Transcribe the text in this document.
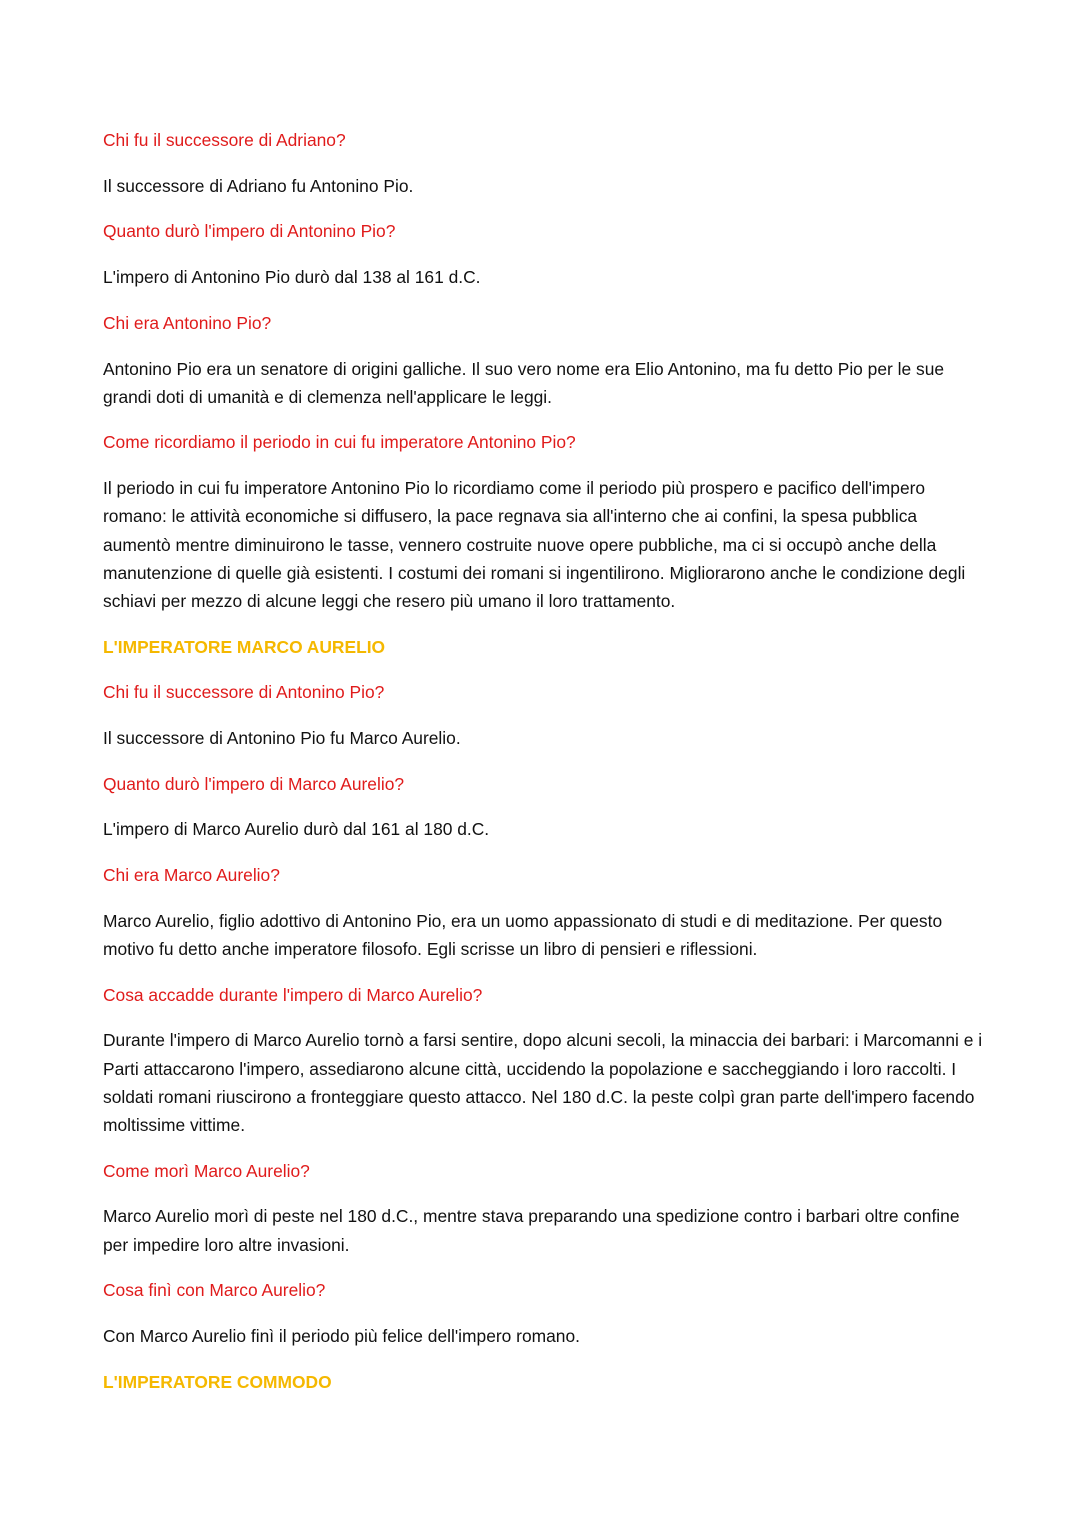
Chi fu il successore di Adriano?

Il successore di Adriano fu Antonino Pio.

Quanto durò l'impero di Antonino Pio?

L'impero di Antonino Pio durò dal 138 al 161 d.C.

Chi era Antonino Pio?

Antonino Pio era un senatore di origini galliche. Il suo vero nome era Elio Antonino, ma fu detto Pio per le sue grandi doti di umanità e di clemenza nell'applicare le leggi.

Come ricordiamo il periodo in cui fu imperatore Antonino Pio?

Il periodo in cui fu imperatore Antonino Pio lo ricordiamo come il periodo più prospero e pacifico dell'impero romano: le attività economiche si diffusero, la pace regnava sia all'interno che ai confini, la spesa pubblica aumentò mentre diminuirono le tasse, vennero costruite nuove opere pubbliche, ma ci si occupò anche della manutenzione di quelle già esistenti. I costumi dei romani si ingentilirono. Migliorarono anche le condizione degli schiavi per mezzo di alcune leggi che resero più umano il loro trattamento.

L'IMPERATORE MARCO AURELIO

Chi fu il successore di Antonino Pio?

Il successore di Antonino Pio fu Marco Aurelio.

Quanto durò l'impero di Marco Aurelio?

L'impero di Marco Aurelio durò dal 161 al 180 d.C.

Chi era Marco Aurelio?

Marco Aurelio, figlio adottivo di Antonino Pio, era un uomo appassionato di studi e di meditazione. Per questo motivo fu detto anche imperatore filosofo. Egli scrisse un libro di pensieri e riflessioni.

Cosa accadde durante l'impero di Marco Aurelio?

Durante l'impero di Marco Aurelio tornò a farsi sentire, dopo alcuni secoli, la minaccia dei barbari: i Marcomanni e i Parti attaccarono l'impero, assediarono alcune città, uccidendo la popolazione e saccheggiando i loro raccolti. I soldati romani riuscirono a fronteggiare questo attacco. Nel 180 d.C. la peste colpì gran parte dell'impero facendo moltissime vittime.

Come morì Marco Aurelio?

Marco Aurelio morì di peste nel 180 d.C., mentre stava preparando una spedizione contro i barbari oltre confine per impedire loro altre invasioni.

Cosa finì con Marco Aurelio?

Con Marco Aurelio finì il periodo più felice dell'impero romano.

L'IMPERATORE COMMODO
